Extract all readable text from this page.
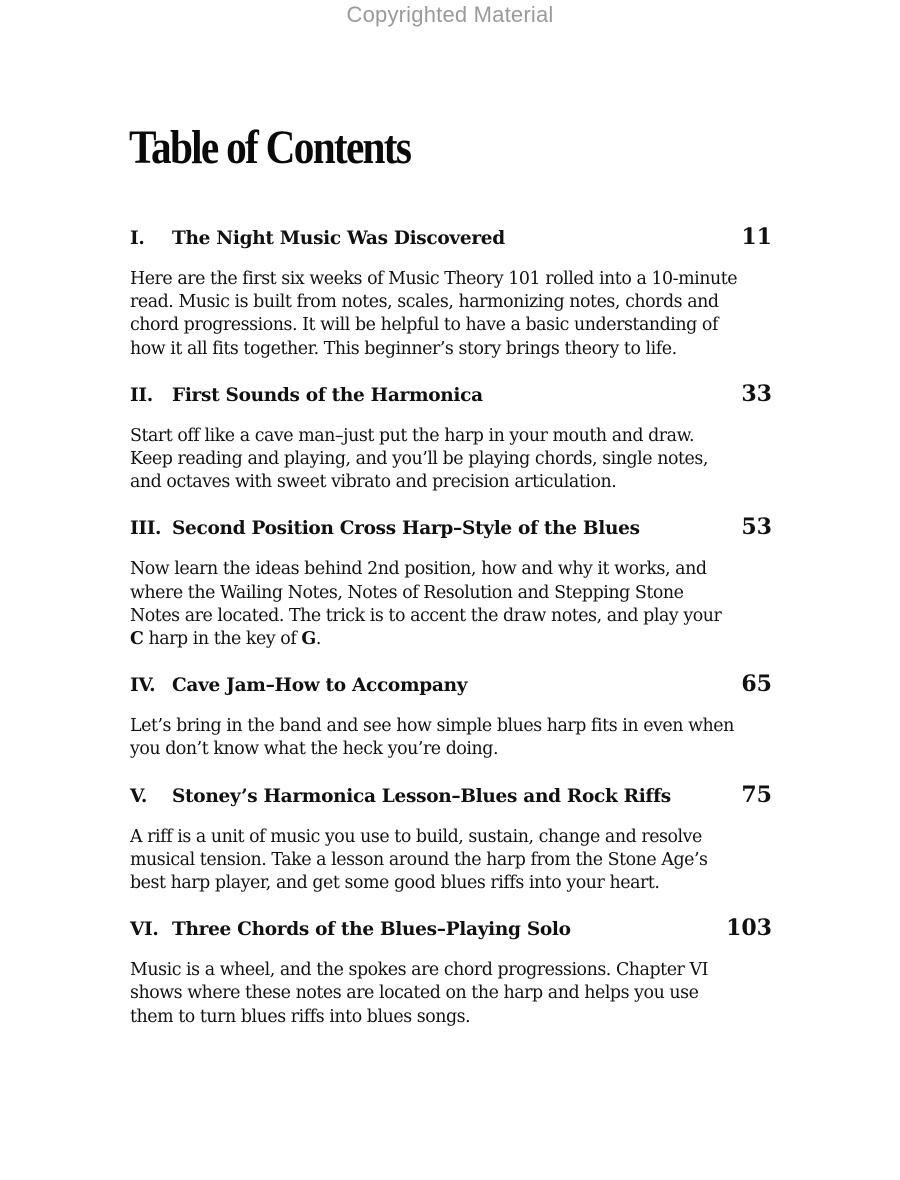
Copyrighted Material
Table of Contents
I.	The Night Music Was Discovered	11

Here are the first six weeks of Music Theory 101 rolled into a 10-minute
read. Music is built from notes, scales, harmonizing notes, chords and
chord progressions. It will be helpful to have a basic understanding of
how it all fits together. This beginner’s story brings theory to life.

II.	First Sounds of the Harmonica	33

Start off like a cave man–just put the harp in your mouth and draw.
Keep reading and playing, and you’ll be playing chords, single notes,
and octaves with sweet vibrato and precision articulation.

III. Second Position Cross Harp–Style of the Blues	53

Now learn the ideas behind 2nd position, how and why it works, and
where the Wailing Notes, Notes of Resolution and Stepping Stone
Notes are located. The trick is to accent the draw notes, and play your
C harp in the key of G.

IV. Cave Jam–How to Accompany	65

Let’s bring in the band and see how simple blues harp fits in even when
you don’t know what the heck you’re doing.

V.	Stoney’s Harmonica Lesson–Blues and Rock Riffs	75

A riff is a unit of music you use to build, sustain, change and resolve
musical tension. Take a lesson around the harp from the Stone Age’s
best harp player, and get some good blues riffs into your heart.

VI. Three Chords of the Blues–Playing Solo	103

Music is a wheel, and the spokes are chord progressions. Chapter VI
shows where these notes are located on the harp and helps you use
them to turn blues riffs into blues songs.
